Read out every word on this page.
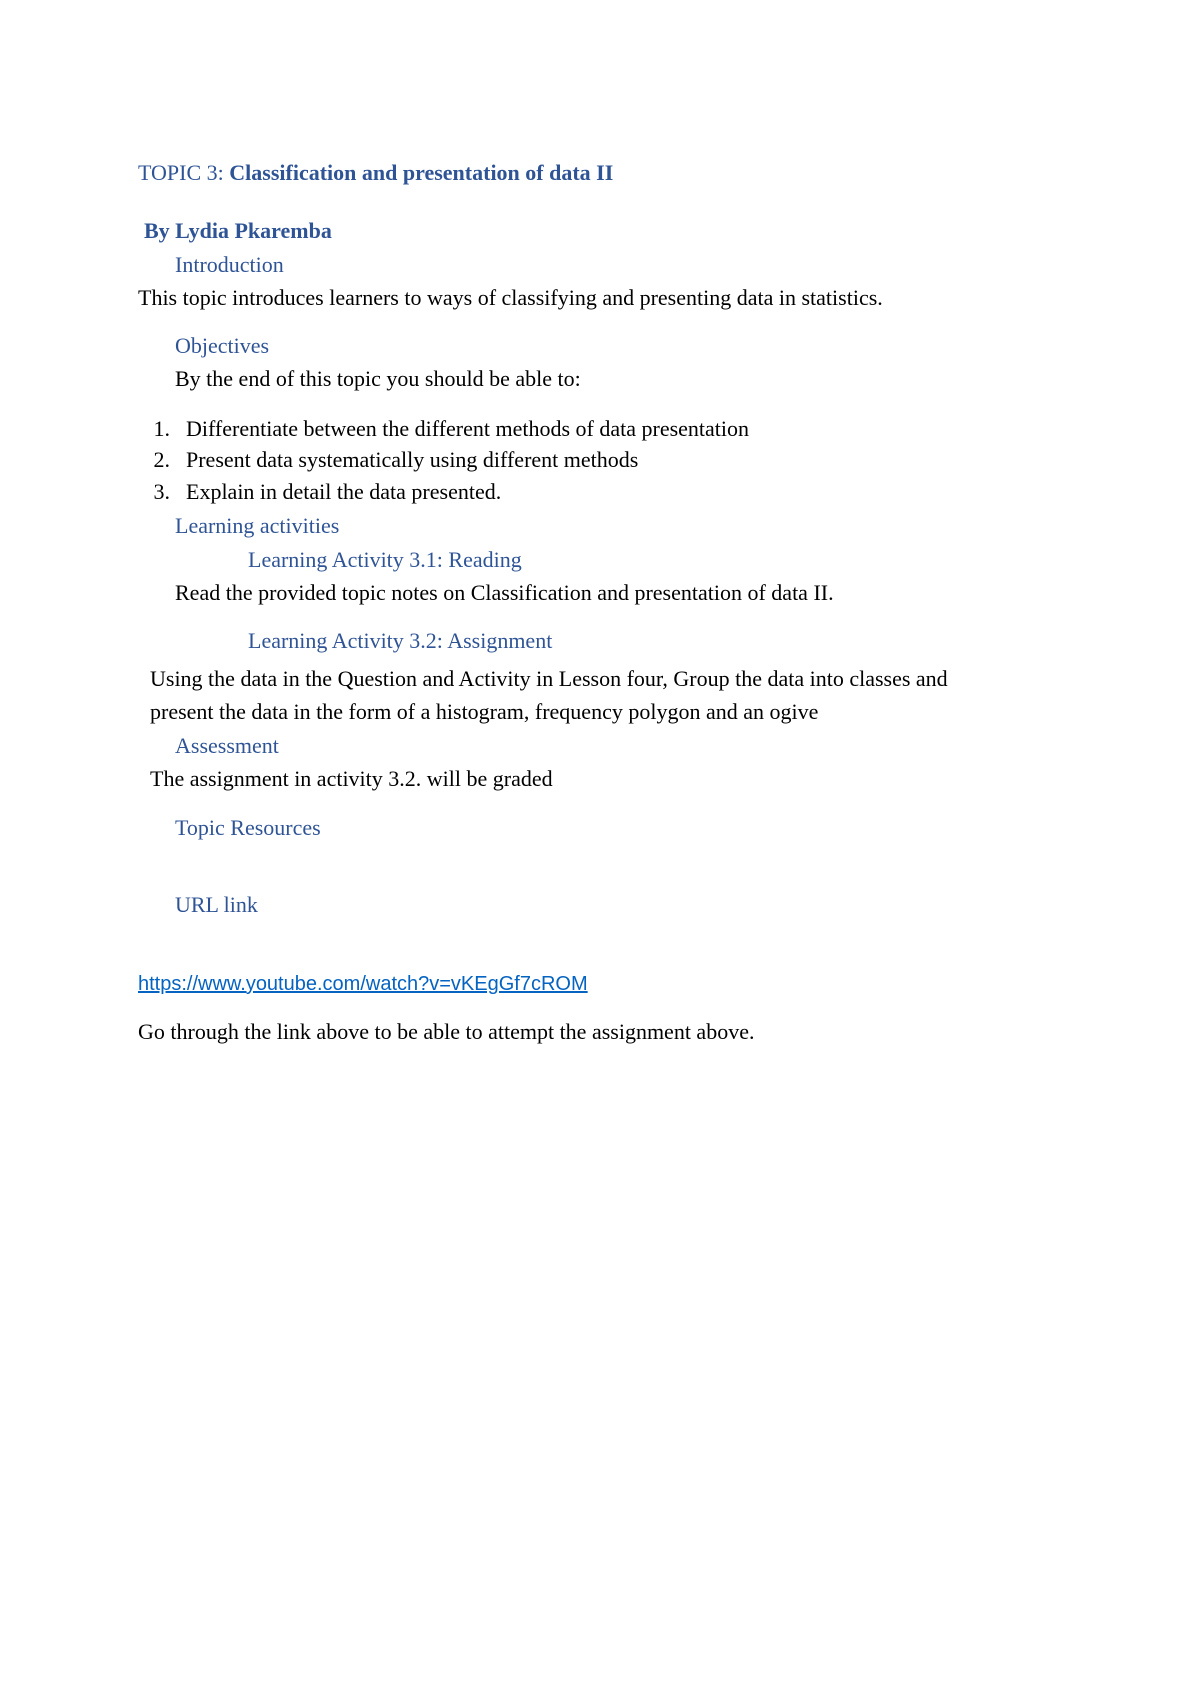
TOPIC 3: Classification and presentation of data II
By Lydia Pkaremba
Introduction
This topic introduces learners to ways of classifying and presenting data in statistics.
Objectives
By the end of this topic you should be able to:
1. Differentiate between the different methods of data presentation
2. Present data systematically using different methods
3. Explain in detail the data presented.
Learning activities
Learning Activity 3.1: Reading
Read the provided topic notes on Classification and presentation of data II.
Learning Activity 3.2: Assignment
Using the data in the Question and Activity in Lesson four, Group the data into classes and
present the data in the form of a histogram, frequency polygon and an ogive
Assessment
The assignment in activity 3.2. will be graded
Topic Resources
URL link
https://www.youtube.com/watch?v=vKEgGf7cROM
Go through the link above to be able to attempt the assignment above.
